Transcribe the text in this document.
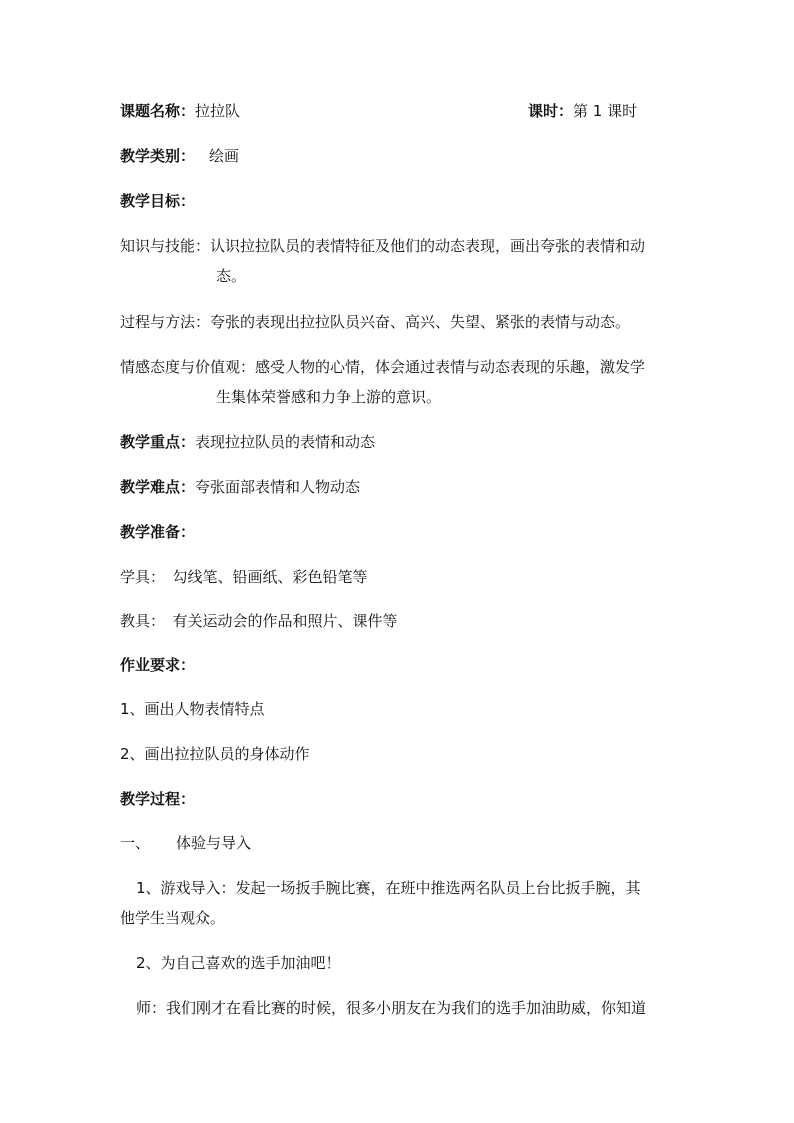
课题名称：拉拉队	课时：第 1 课时
教学类别： 绘画
教学目标：
知识与技能：认识拉拉队员的表情特征及他们的动态表现，画出夸张的表情和动
态。
过程与方法：夸张的表现出拉拉队员兴奋、高兴、失望、紧张的表情与动态。
情感态度与价值观：感受人物的心情，体会通过表情与动态表现的乐趣，激发学
生集体荣誉感和力争上游的意识。
教学重点：表现拉拉队员的表情和动态
教学难点：夸张面部表情和人物动态
教学准备：
学具：　勾线笔、铅画纸、彩色铅笔等
教具：　有关运动会的作品和照片、课件等
作业要求：
1、画出人物表情特点
2、画出拉拉队员的身体动作
教学过程：
一、 体验与导入
1、游戏导入：发起一场扳手腕比赛，在班中推选两名队员上台比扳手腕，其
他学生当观众。
2、为自己喜欢的选手加油吧！
师：我们刚才在看比赛的时候，很多小朋友在为我们的选手加油助威，你知道
